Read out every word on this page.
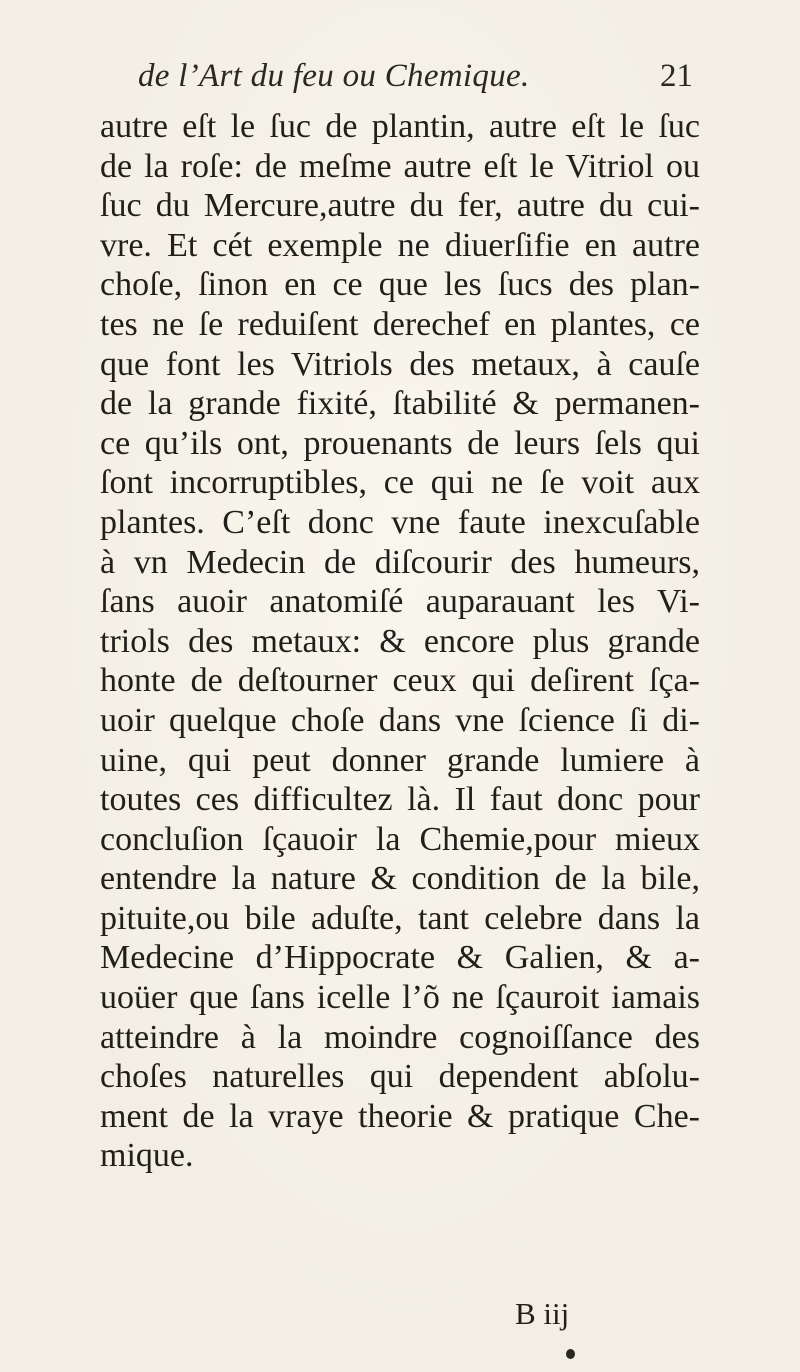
de l’Art du feu ou Chemique.	21
autre eſt le ſuc de plantin, autre eſt le ſuc
de la roſe: de meſme autre eſt le Vitriol ou
ſuc du Mercure,autre du fer, autre du cui-
vre. Et cét exemple ne diuerſifie en autre
choſe, ſinon en ce que les ſucs des plan-
tes ne ſe reduiſent derechef en plantes, ce
que font les Vitriols des metaux, à cauſe
de la grande fixité, ſtabilité & permanen-
ce qu’ils ont, prouenants de leurs ſels qui
ſont incorruptibles, ce qui ne ſe voit aux
plantes. C’eſt donc vne faute inexcuſable
à vn Medecin de diſcourir des humeurs,
ſans auoir anatomiſé auparauant les Vi-
triols des metaux: & encore plus grande
honte de deſtourner ceux qui deſirent ſça-
uoir quelque choſe dans vne ſcience ſi di-
uine, qui peut donner grande lumiere à
toutes ces difficultez là. Il faut donc pour
concluſion ſçauoir la Chemie,pour mieux
entendre la nature & condition de la bile,
pituite,ou bile aduſte, tant celebre dans la
Medecine d’Hippocrate & Galien, & a-
uoüer que ſans icelle l’õ ne ſçauroit iamais
atteindre à la moindre cognoiſſance des
choſes naturelles qui dependent abſolu-
ment de la vraye theorie & pratique Che-
mique.
B iij
